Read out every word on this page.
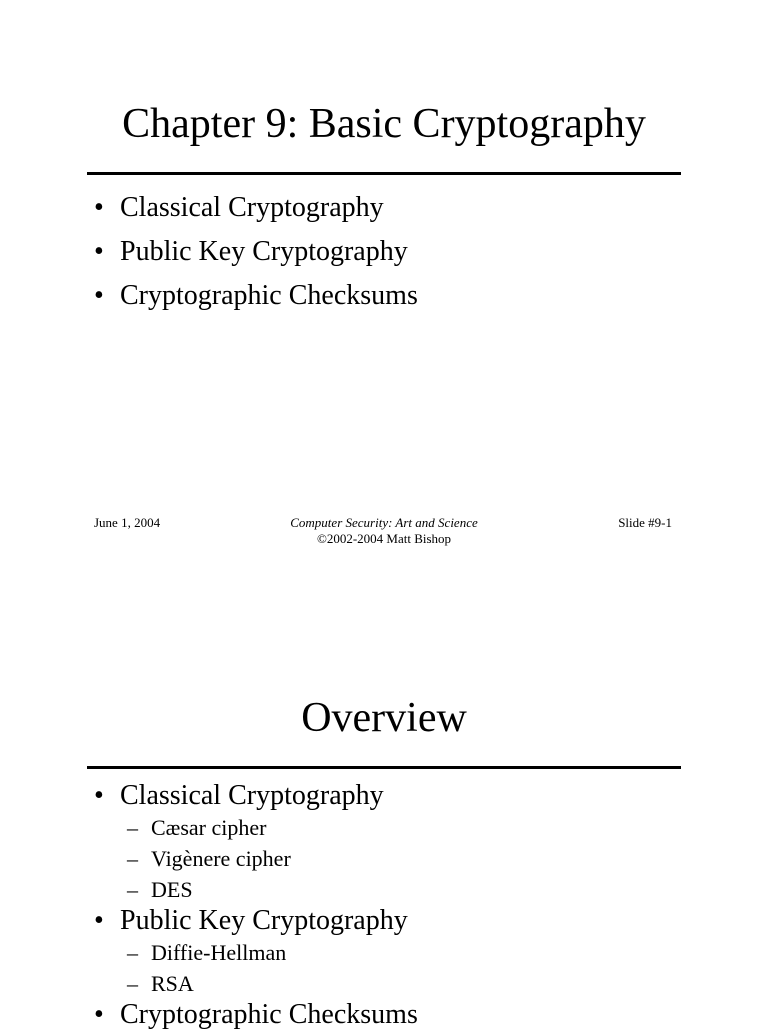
Chapter 9: Basic Cryptography
• Classical Cryptography
• Public Key Cryptography
• Cryptographic Checksums
June 1, 2004	Computer Security: Art and Science	Slide #9-1
©2002-2004 Matt Bishop
Overview
• Classical Cryptography
– Cæsar cipher
– Vigènere cipher
– DES
• Public Key Cryptography
– Diffie-Hellman
– RSA
• Cryptographic Checksums
